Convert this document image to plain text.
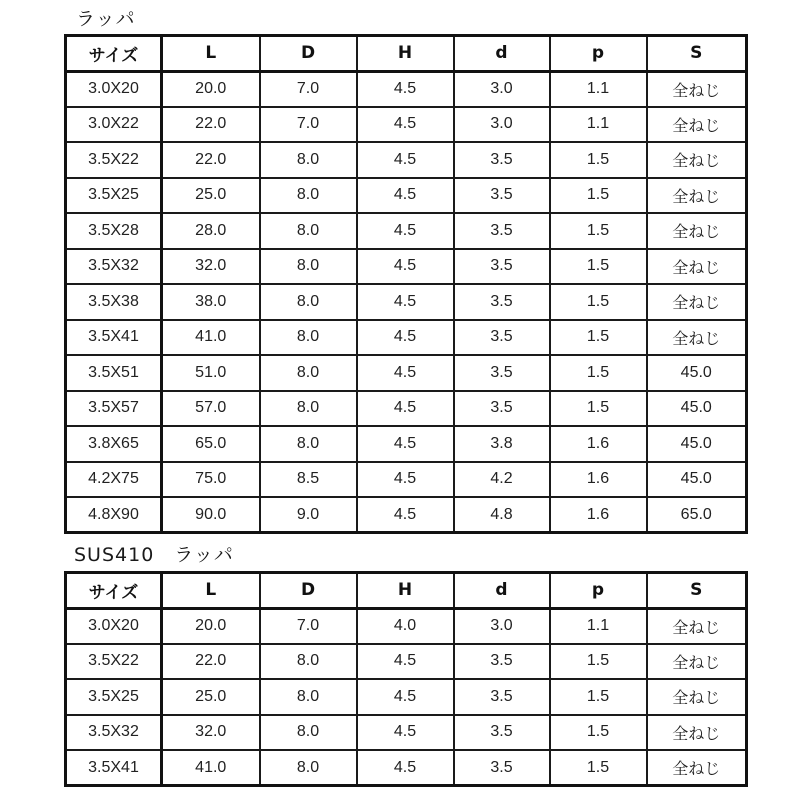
ラッパ
サイズ	L	D	H	d	p	S
3.0X20	20.0	7.0	4.5	3.0	1.1	全ねじ
3.0X22	22.0	7.0	4.5	3.0	1.1	全ねじ
3.5X22	22.0	8.0	4.5	3.5	1.5	全ねじ
3.5X25	25.0	8.0	4.5	3.5	1.5	全ねじ
3.5X28	28.0	8.0	4.5	3.5	1.5	全ねじ
3.5X32	32.0	8.0	4.5	3.5	1.5	全ねじ
3.5X38	38.0	8.0	4.5	3.5	1.5	全ねじ
3.5X41	41.0	8.0	4.5	3.5	1.5	全ねじ
3.5X51	51.0	8.0	4.5	3.5	1.5	45.0
3.5X57	57.0	8.0	4.5	3.5	1.5	45.0
3.8X65	65.0	8.0	4.5	3.8	1.6	45.0
4.2X75	75.0	8.5	4.5	4.2	1.6	45.0
4.8X90	90.0	9.0	4.5	4.8	1.6	65.0
SUS410　ラッパ
サイズ	L	D	H	d	p	S
3.0X20	20.0	7.0	4.0	3.0	1.1	全ねじ
3.5X22	22.0	8.0	4.5	3.5	1.5	全ねじ
3.5X25	25.0	8.0	4.5	3.5	1.5	全ねじ
3.5X32	32.0	8.0	4.5	3.5	1.5	全ねじ
3.5X41	41.0	8.0	4.5	3.5	1.5	全ねじ
